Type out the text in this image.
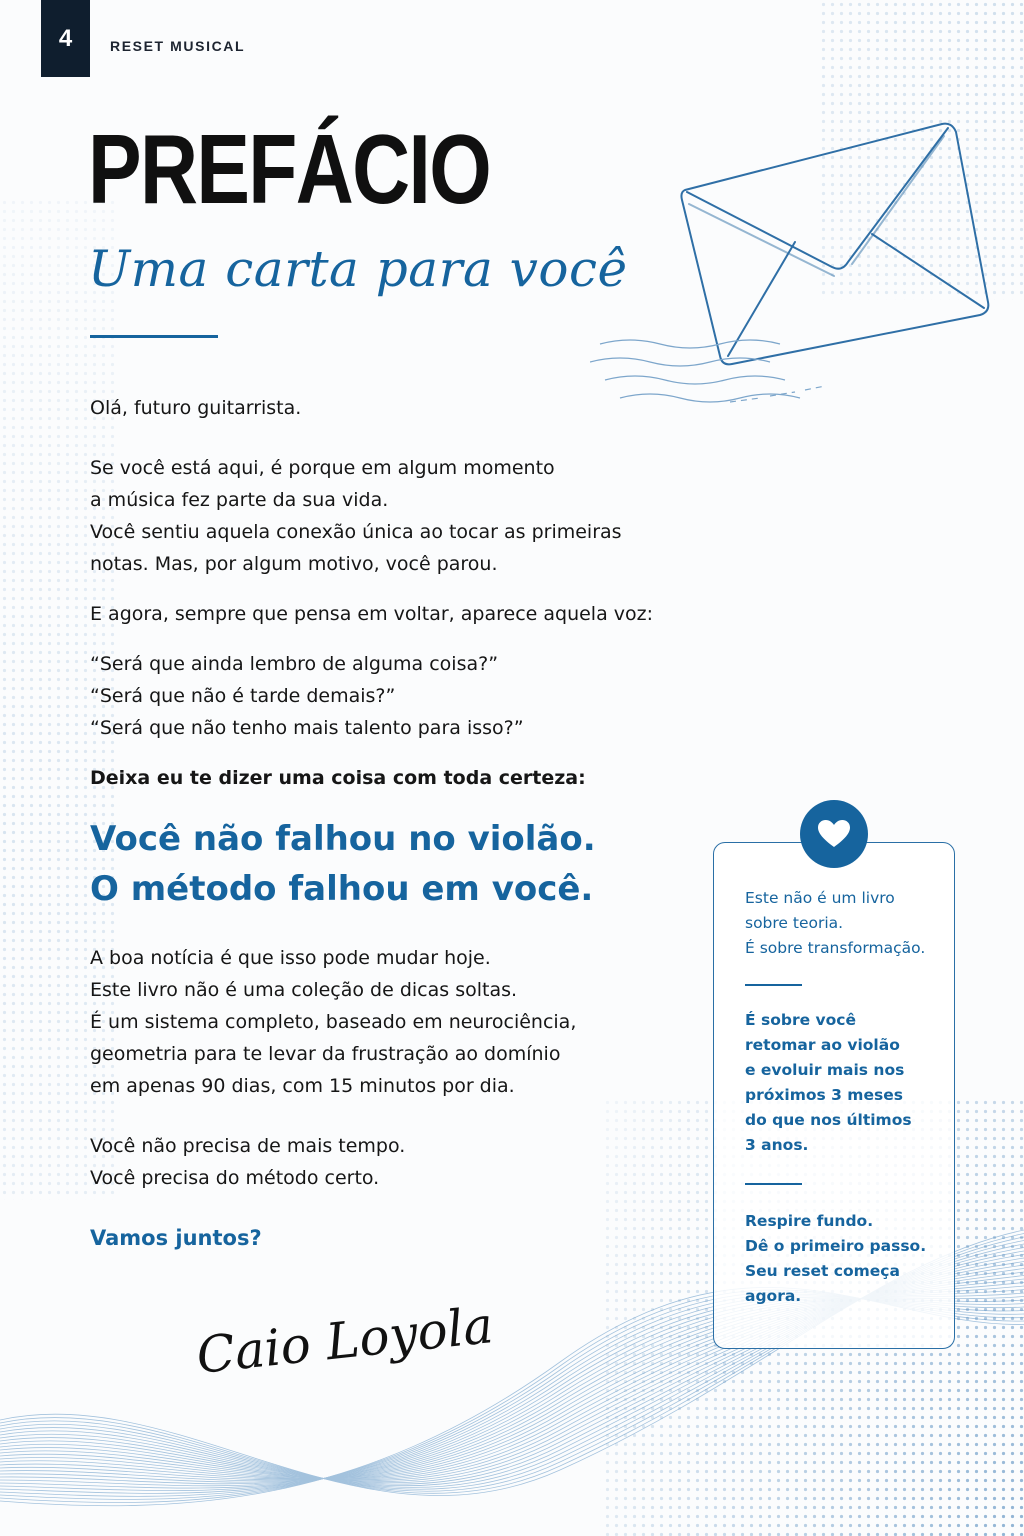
4	RESET MUSICAL
PREFÁCIO
Uma carta para você

Olá, futuro guitarrista.

Se você está aqui, é porque em algum momento

a música fez parte da sua vida.

Você sentiu aquela conexão única ao tocar as primeiras

notas. Mas, por algum motivo, você parou.

E agora, sempre que pensa em voltar, aparece aquela voz:

“Será que ainda lembro de alguma coisa?”

“Será que não é tarde demais?”

“Será que não tenho mais talento para isso?”

Deixa eu te dizer uma coisa com toda certeza:

Você não falhou no violão.

O método falhou em você.

A boa notícia é que isso pode mudar hoje.

Este livro não é uma coleção de dicas soltas.

É um sistema completo, baseado em neurociência,

geometria para te levar da frustração ao domínio

em apenas 90 dias, com 15 minutos por dia.

Você não precisa de mais tempo.

Você precisa do método certo.

Vamos juntos?

Caio Loyola

Este não é um livro

sobre teoria.

É sobre transformação.

É sobre você

retomar ao violão

e evoluir mais nos

próximos 3 meses

do que nos últimos

3 anos.

Respire fundo.

Dê o primeiro passo.

Seu reset começa

agora.
